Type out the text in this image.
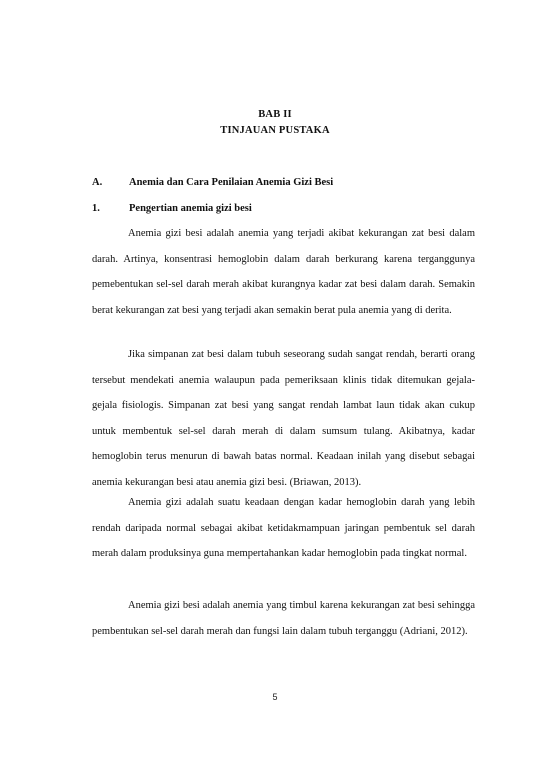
BAB II
TINJAUAN PUSTAKA
A.	Anemia dan Cara Penilaian Anemia Gizi Besi
1.	Pengertian anemia gizi besi

Anemia gizi besi adalah anemia yang terjadi akibat kekurangan zat besi dalam darah. Artinya, konsentrasi hemoglobin dalam darah berkurang karena terganggunya pemebentukan sel-sel darah merah akibat kurangnya kadar zat besi dalam darah. Semakin berat kekurangan zat besi yang terjadi akan semakin berat pula anemia yang di derita.

Jika simpanan zat besi dalam tubuh seseorang sudah sangat rendah, berarti orang tersebut mendekati anemia walaupun pada pemeriksaan klinis tidak ditemukan gejala-gejala fisiologis. Simpanan zat besi yang sangat rendah lambat laun tidak akan cukup untuk membentuk sel-sel darah merah di dalam sumsum tulang. Akibatnya, kadar hemoglobin terus menurun di bawah batas normal. Keadaan inilah yang disebut sebagai anemia kekurangan besi atau anemia gizi besi. (Briawan, 2013).

Anemia gizi adalah suatu keadaan dengan kadar hemoglobin darah yang lebih rendah daripada normal sebagai akibat ketidakmampuan jaringan pembentuk sel darah merah dalam produksinya guna mempertahankan kadar hemoglobin pada tingkat normal.

Anemia gizi besi adalah anemia yang timbul karena kekurangan zat besi sehingga pembentukan sel-sel darah merah dan fungsi lain dalam tubuh terganggu (Adriani, 2012).

5
